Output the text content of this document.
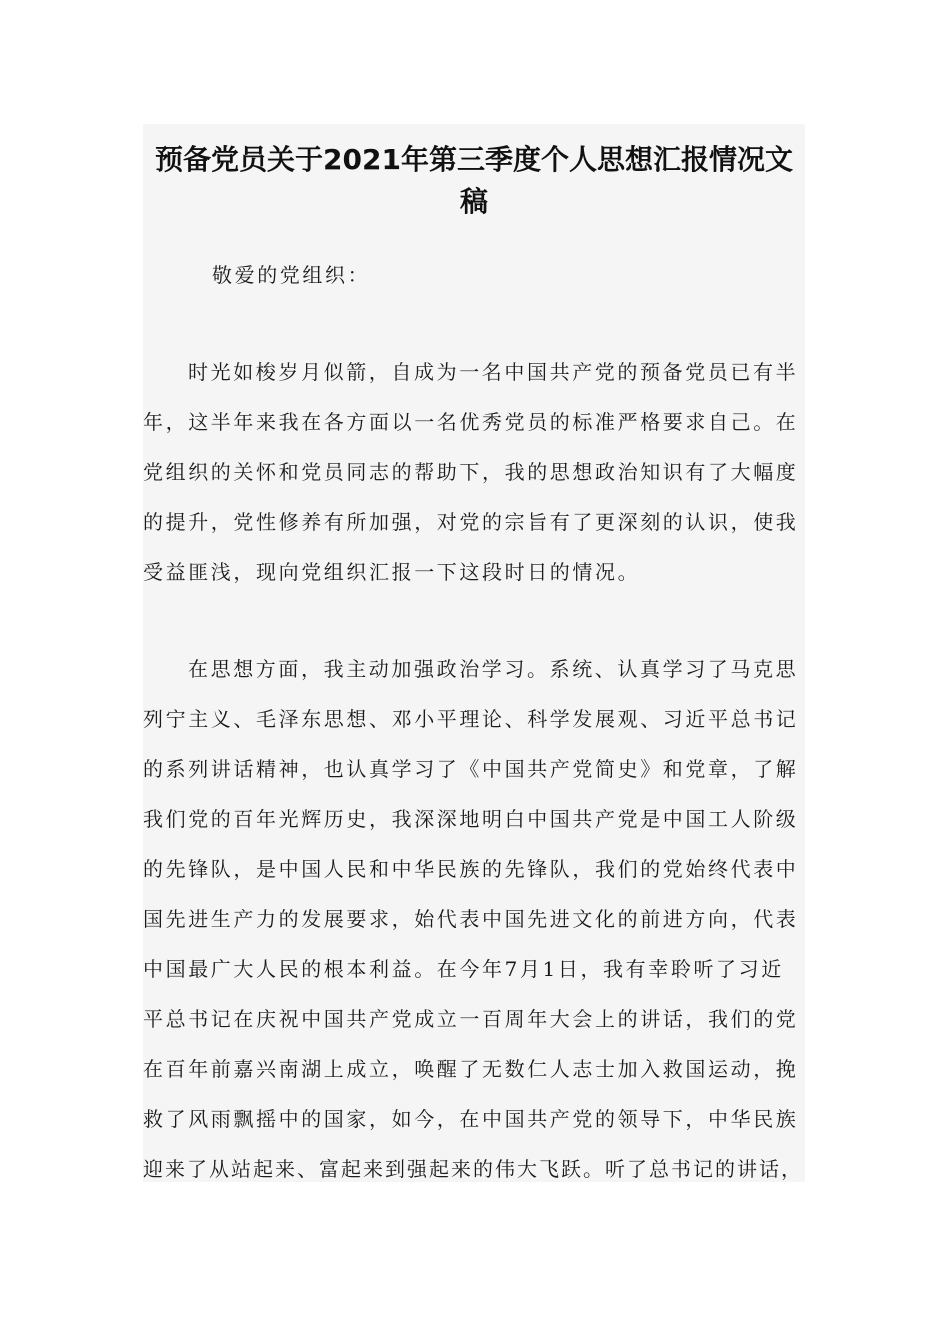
预备党员关于2021年第三季度个人思想汇报情况文
稿
敬爱的党组织：
时光如梭岁月似箭，自成为一名中国共产党的预备党员已有半
年，这半年来我在各方面以一名优秀党员的标准严格要求自己。在
党组织的关怀和党员同志的帮助下，我的思想政治知识有了大幅度
的提升，党性修养有所加强，对党的宗旨有了更深刻的认识，使我
受益匪浅，现向党组织汇报一下这段时日的情况。
在思想方面，我主动加强政治学习。系统、认真学习了马克思
列宁主义、毛泽东思想、邓小平理论、科学发展观、习近平总书记
的系列讲话精神，也认真学习了《中国共产党简史》和党章，了解
我们党的百年光辉历史，我深深地明白中国共产党是中国工人阶级
的先锋队，是中国人民和中华民族的先锋队，我们的党始终代表中
国先进生产力的发展要求，始代表中国先进文化的前进方向，代表
中国最广大人民的根本利益。在今年7月1日，我有幸聆听了习近
平总书记在庆祝中国共产党成立一百周年大会上的讲话，我们的党
在百年前嘉兴南湖上成立，唤醒了无数仁人志士加入救国运动，挽
救了风雨飘摇中的国家，如今，在中国共产党的领导下，中华民族
迎来了从站起来、富起来到强起来的伟大飞跃。听了总书记的讲话，
